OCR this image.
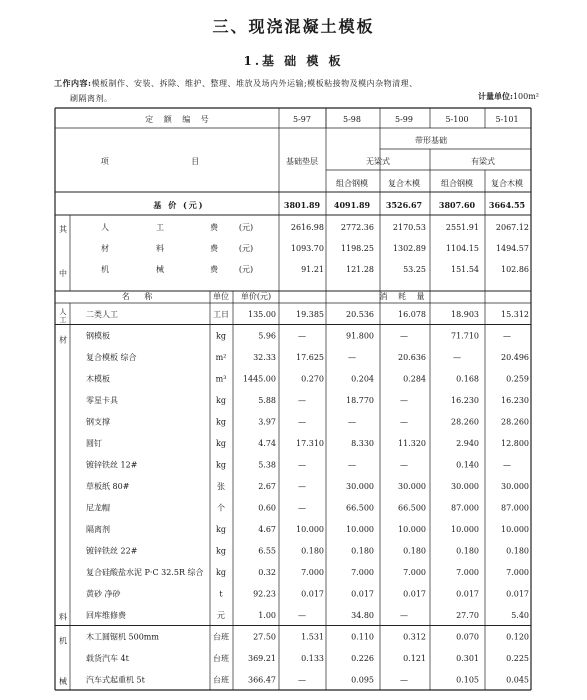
三、现浇混凝土模板
1.基 础 模 板
工作内容:模板制作、安装、拆除、维护、整理、堆放及场内外运输;模板粘接物及模内杂物清理、
刷隔离剂。	计量单位:100m²
定 额 编 号	5-97	5-98	5-99	5-100	5-101
项 目	基础垫层
带形基础
无梁式	有梁式
组合钢模	复合木模	组合钢模 复合木模
基 价 (元)	3801.89 4091.89 3526.67 3807.60 3664.55
其
中
人	工	费	(元)	2616.98 2772.36 2170.53 2551.91 2067.12
材	料	费	(元)	1093.70 1198.25 1302.89 1104.15 1494.57
机	械	费	(元)	91.21	121.28	53.25	151.54	102.86
名 称	单位 单价(元)	消 耗 量
二类人工	工日 135.00	19.385	20.536	16.078	18.903	15.312
人
工
钢模板	kg	5.96	—	91.800	—	71.710	—
复合模板 综合	m²	32.33	17.625	—	20.636	—	20.496
木模板	m³ 1445.00	0.270	0.204	0.284	0.168	0.259
零星卡具	kg	5.88	—	18.770	—	16.230	16.230
钢支撑	kg	3.97	—	—	—	28.260	28.260
圆钉	kg	4.74	17.310	8.330	11.320	2.940	12.800
镀锌铁丝 12#	kg	5.38	—	—	—	0.140	—
草板纸 80#	张	2.67	—	30.000	30.000	30.000	30.000
尼龙帽	个	0.60	—	66.500	66.500	87.000	87.000
隔离剂	kg	4.67	10.000	10.000	10.000	10.000	10.000
镀锌铁丝 22#	kg	6.55	0.180	0.180	0.180	0.180	0.180
复合硅酸盐水泥 P·C 32.5R 综合 kg	0.32	7.000	7.000	7.000	7.000	7.000
黄砂 净砂	t	92.23	0.017	0.017	0.017	0.017	0.017
回库维修费	元	1.00	—	34.80	—	27.70	5.40
材
料
木工圆锯机 500mm	台班	27.50	1.531	0.110	0.312	0.070	0.120
载货汽车 4t	台班 369.21	0.133	0.226	0.121	0.301	0.225
汽车式起重机 5t	台班 366.47	—	0.095	—	0.105	0.045
机
械
